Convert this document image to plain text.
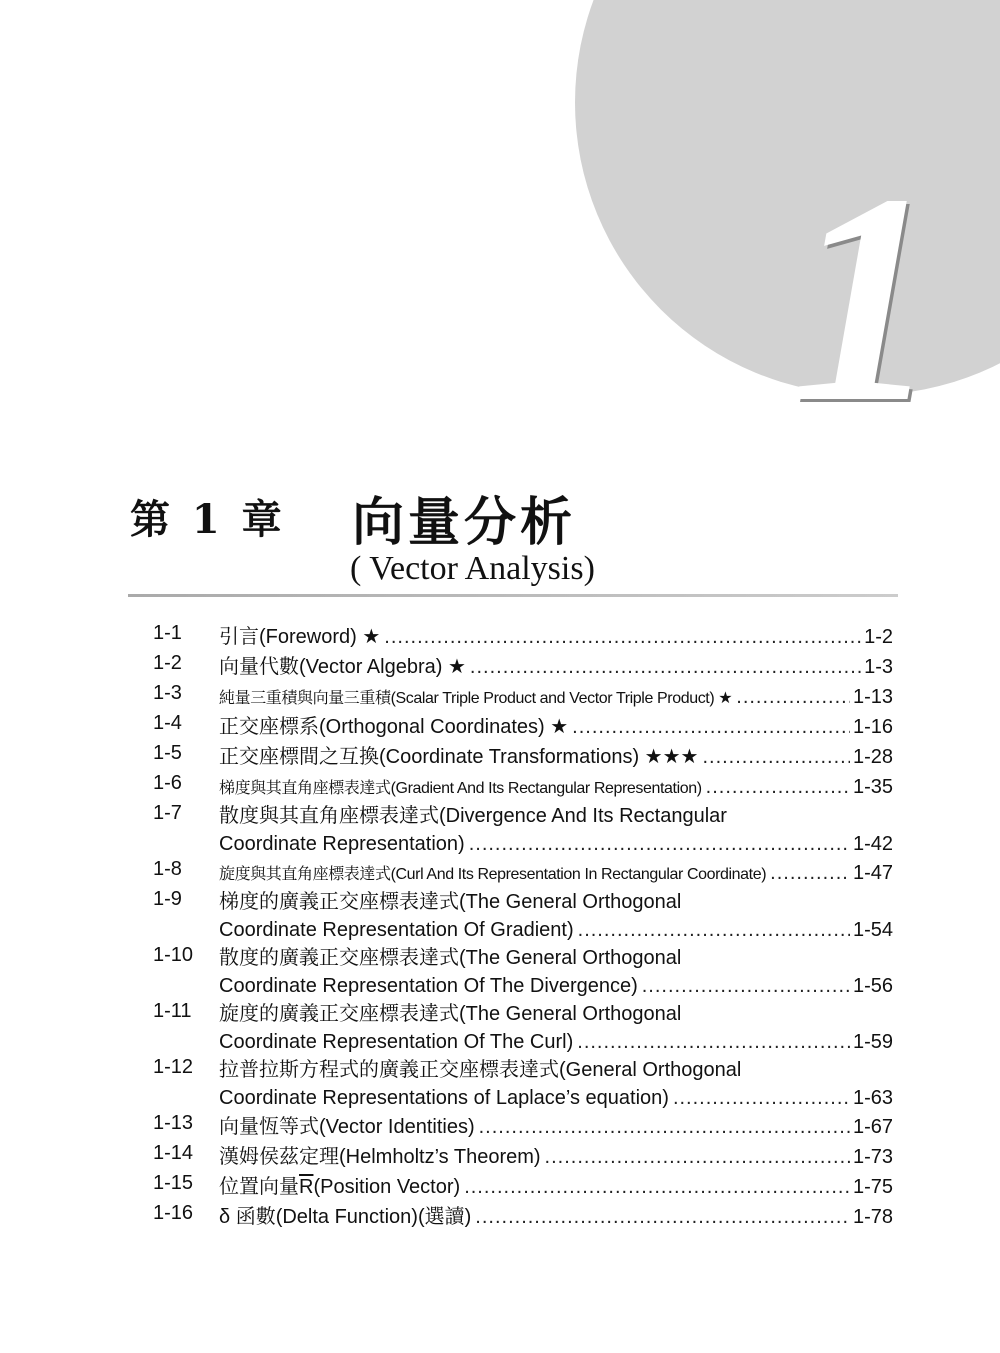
1
第 1 章 向量分析
( Vector Analysis)
1-1 引言(Foreword) ★ .....	1-2
1-2 向量代數(Vector Algebra) ★ .....	1-3
1-3 純量三重積與向量三重積(Scalar Triple Product and Vector Triple Product) ★ .....	1-13
1-4 正交座標系(Orthogonal Coordinates) ★ .....	1-16
1-5 正交座標間之互換(Coordinate Transformations) ★★★ .....	1-28
1-6 梯度與其直角座標表達式(Gradient And Its Rectangular Representation) .....	1-35
1-7 散度與其直角座標表達式(Divergence And Its Rectangular
Coordinate Representation) .....	1-42
1-8 旋度與其直角座標表達式(Curl And Its Representation In Rectangular Coordinate) .....	1-47
1-9 梯度的廣義正交座標表達式(The General Orthogonal
Coordinate Representation Of Gradient) .....	1-54
1-10 散度的廣義正交座標表達式(The General Orthogonal
Coordinate Representation Of The Divergence) .....	1-56
1-11 旋度的廣義正交座標表達式(The General Orthogonal
Coordinate Representation Of The Curl) .....	1-59
1-12 拉普拉斯方程式的廣義正交座標表達式(General Orthogonal
Coordinate Representations of Laplace’s equation) .....	1-63
1-13 向量恆等式(Vector Identities) .....	1-67
1-14 漢姆侯茲定理(Helmholtz’s Theorem) .....	1-73
1-15 位置向量$\overline{R}(Position$ Vector) .....	1-75
1-16 δ 函數(Delta Function)(選讀) .....	1-78
